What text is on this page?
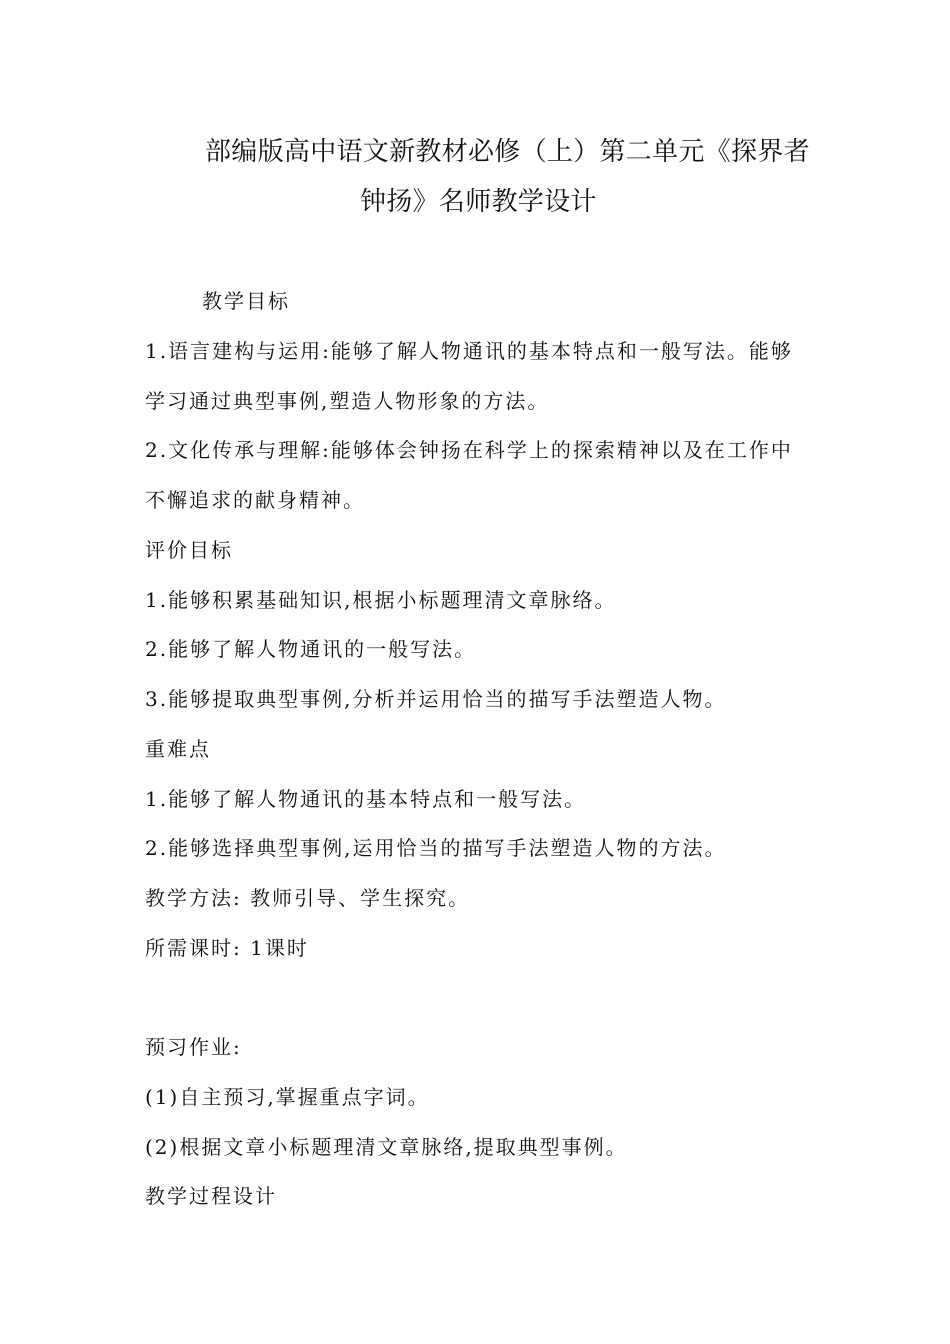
部编版高中语文新教材必修（上）第二单元《探界者
钟扬》名师教学设计
教学目标
1.语言建构与运用:能够了解人物通讯的基本特点和一般写法。能够
学习通过典型事例,塑造人物形象的方法。
2.文化传承与理解:能够体会钟扬在科学上的探索精神以及在工作中
不懈追求的献身精神。
评价目标
1.能够积累基础知识,根据小标题理清文章脉络。
2.能够了解人物通讯的一般写法。
3.能够提取典型事例,分析并运用恰当的描写手法塑造人物。
重难点
1.能够了解人物通讯的基本特点和一般写法。
2.能够选择典型事例,运用恰当的描写手法塑造人物的方法。
教学方法: 教师引导、学生探究。
所需课时: 1课时
预习作业:
(1)自主预习,掌握重点字词。
(2)根据文章小标题理清文章脉络,提取典型事例。
教学过程设计
